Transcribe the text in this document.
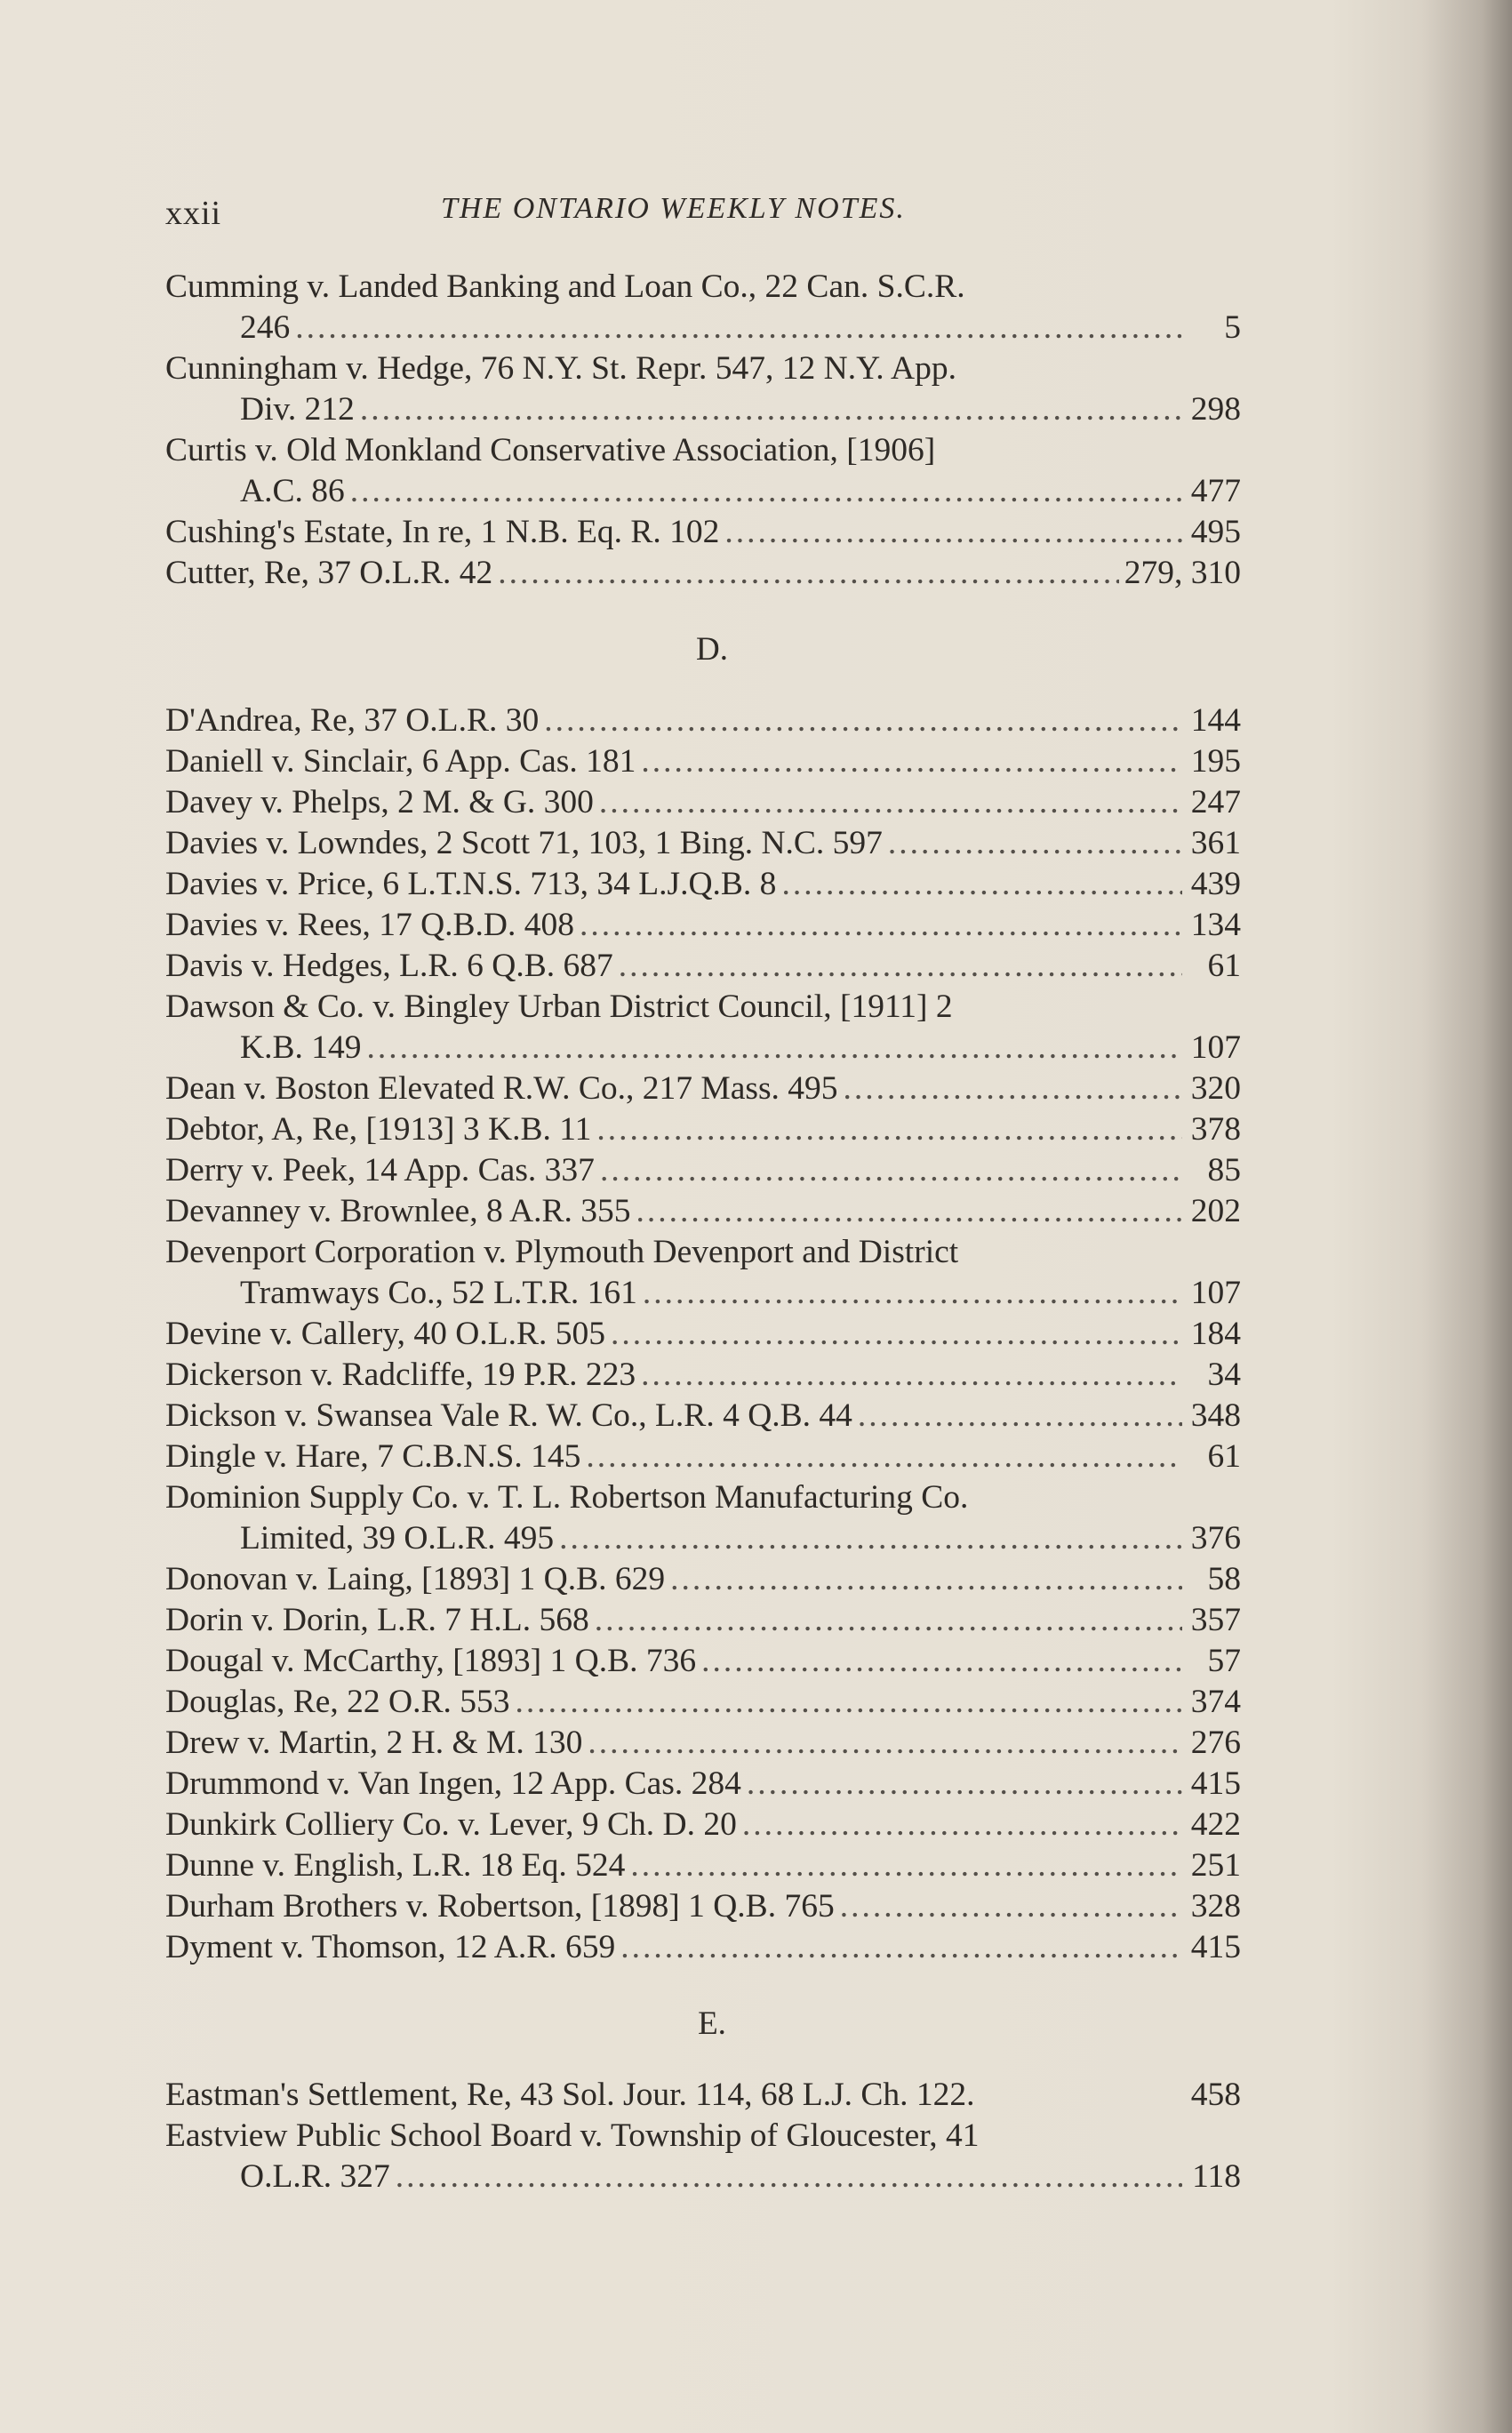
xxii	THE ONTARIO WEEKLY NOTES.
Cumming v. Landed Banking and Loan Co., 22 Can. S.C.R.
246 .....	5
Cunningham v. Hedge, 76 N.Y. St. Repr. 547, 12 N.Y. App.
Div. 212 .....	298
Curtis v. Old Monkland Conservative Association, [1906]
A.C. 86 .....	477
Cushing's Estate, In re, 1 N.B. Eq. R. 102 .....	495
Cutter, Re, 37 O.L.R. 42 .....	279, 310
D.
D'Andrea, Re, 37 O.L.R. 30 .....	144
Daniell v. Sinclair, 6 App. Cas. 181 .....	195
Davey v. Phelps, 2 M. & G. 300 .....	247
Davies v. Lowndes, 2 Scott 71, 103, 1 Bing. N.C. 597 .....	361
Davies v. Price, 6 L.T.N.S. 713, 34 L.J.Q.B. 8 .....	439
Davies v. Rees, 17 Q.B.D. 408 .....	134
Davis v. Hedges, L.R. 6 Q.B. 687 .....	61
Dawson & Co. v. Bingley Urban District Council, [1911] 2
K.B. 149 .....	107
Dean v. Boston Elevated R.W. Co., 217 Mass. 495 .....	320
Debtor, A, Re, [1913] 3 K.B. 11 .....	378
Derry v. Peek, 14 App. Cas. 337 .....	85
Devanney v. Brownlee, 8 A.R. 355 .....	202
Devenport Corporation v. Plymouth Devenport and District
Tramways Co., 52 L.T.R. 161 .....	107
Devine v. Callery, 40 O.L.R. 505 .....	184
Dickerson v. Radcliffe, 19 P.R. 223 .....	34
Dickson v. Swansea Vale R. W. Co., L.R. 4 Q.B. 44 .....	348
Dingle v. Hare, 7 C.B.N.S. 145 .....	61
Dominion Supply Co. v. T. L. Robertson Manufacturing Co.
Limited, 39 O.L.R. 495 .....	376
Donovan v. Laing, [1893] 1 Q.B. 629 .....	58
Dorin v. Dorin, L.R. 7 H.L. 568 .....	357
Dougal v. McCarthy, [1893] 1 Q.B. 736 .....	57
Douglas, Re, 22 O.R. 553 .....	374
Drew v. Martin, 2 H. & M. 130 .....	276
Drummond v. Van Ingen, 12 App. Cas. 284 .....	415
Dunkirk Colliery Co. v. Lever, 9 Ch. D. 20 .....	422
Dunne v. English, L.R. 18 Eq. 524 .....	251
Durham Brothers v. Robertson, [1898] 1 Q.B. 765 .....	328
Dyment v. Thomson, 12 A.R. 659 .....	415
E.
Eastman's Settlement, Re, 43 Sol. Jour. 114, 68 L.J. Ch. 122.	458
Eastview Public School Board v. Township of Gloucester, 41
O.L.R. 327 .....	118
